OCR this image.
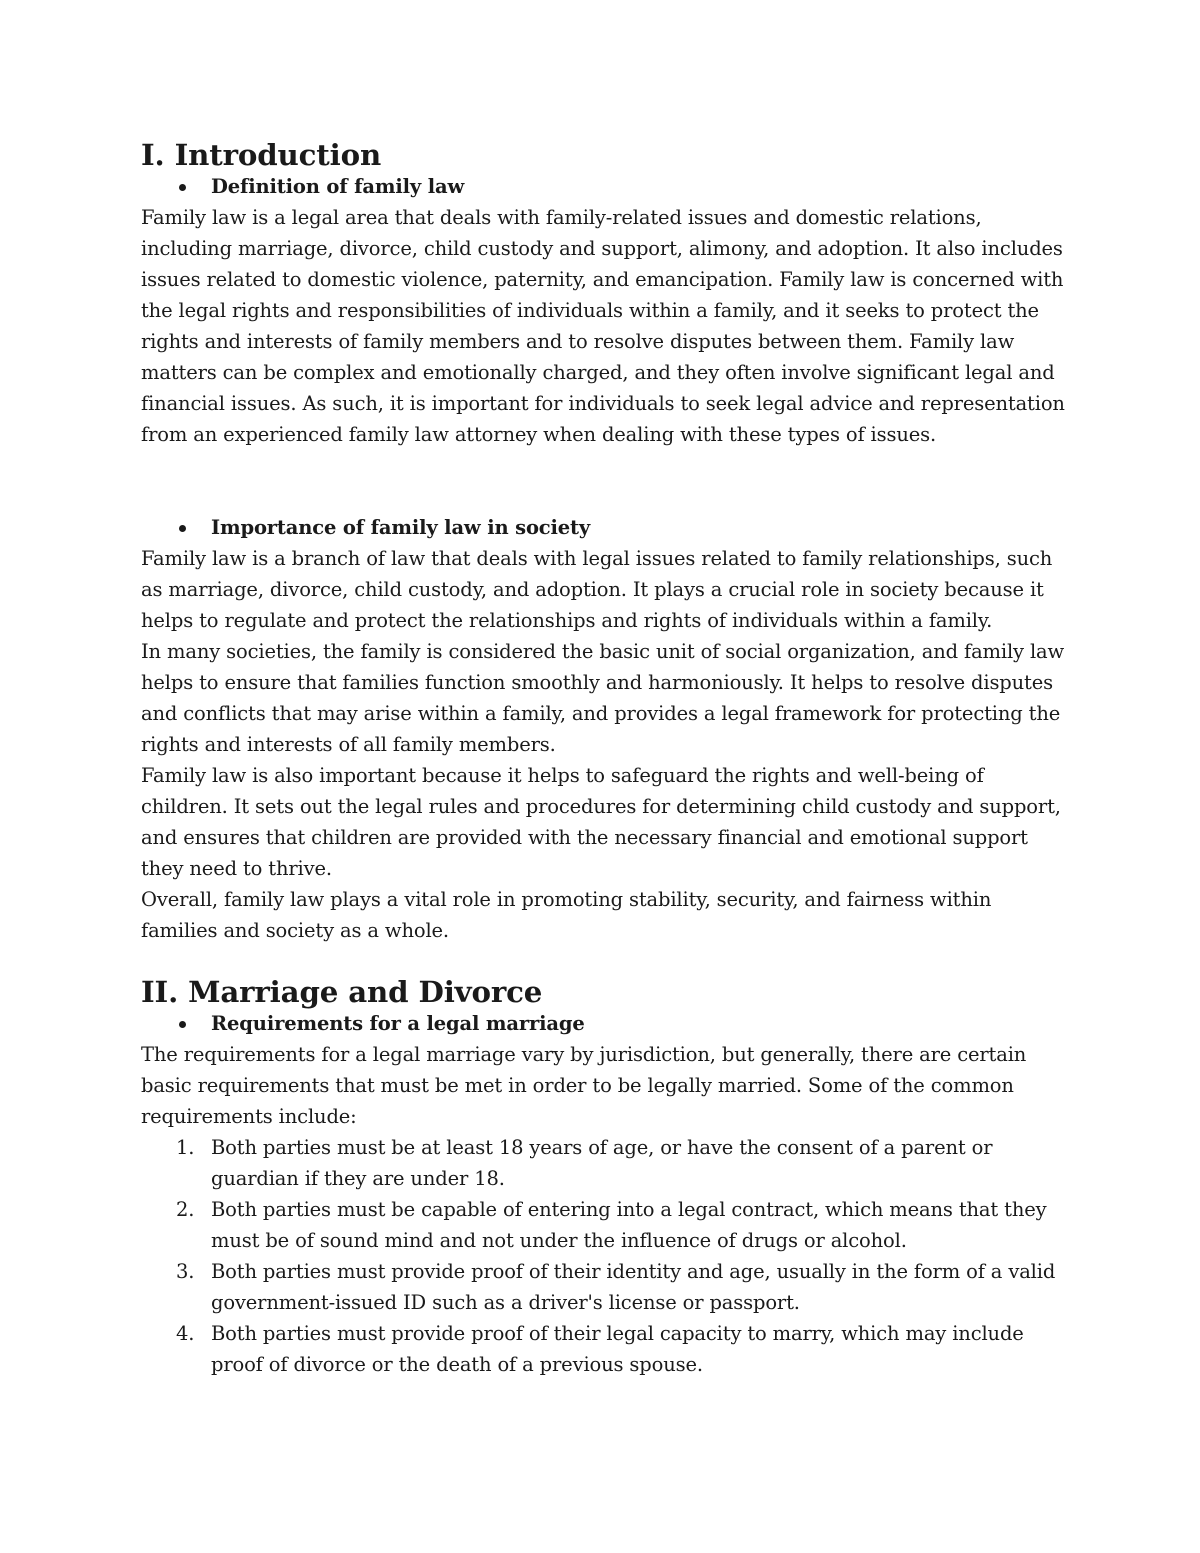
I. Introduction
Definition of family law

Family law is a legal area that deals with family-related issues and domestic relations, including marriage, divorce, child custody and support, alimony, and adoption. It also includes issues related to domestic violence, paternity, and emancipation. Family law is concerned with the legal rights and responsibilities of individuals within a family, and it seeks to protect the rights and interests of family members and to resolve disputes between them. Family law matters can be complex and emotionally charged, and they often involve significant legal and financial issues. As such, it is important for individuals to seek legal advice and representation from an experienced family law attorney when dealing with these types of issues.

Importance of family law in society

Family law is a branch of law that deals with legal issues related to family relationships, such as marriage, divorce, child custody, and adoption. It plays a crucial role in society because it helps to regulate and protect the relationships and rights of individuals within a family.

In many societies, the family is considered the basic unit of social organization, and family law helps to ensure that families function smoothly and harmoniously. It helps to resolve disputes and conflicts that may arise within a family, and provides a legal framework for protecting the rights and interests of all family members.

Family law is also important because it helps to safeguard the rights and well-being of children. It sets out the legal rules and procedures for determining child custody and support, and ensures that children are provided with the necessary financial and emotional support they need to thrive.

Overall, family law plays a vital role in promoting stability, security, and fairness within families and society as a whole.

II. Marriage and Divorce
Requirements for a legal marriage

The requirements for a legal marriage vary by jurisdiction, but generally, there are certain basic requirements that must be met in order to be legally married. Some of the common requirements include:

1. Both parties must be at least 18 years of age, or have the consent of a parent or guardian if they are under 18.
2. Both parties must be capable of entering into a legal contract, which means that they must be of sound mind and not under the influence of drugs or alcohol.
3. Both parties must provide proof of their identity and age, usually in the form of a valid government-issued ID such as a driver's license or passport.
4. Both parties must provide proof of their legal capacity to marry, which may include proof of divorce or the death of a previous spouse.
